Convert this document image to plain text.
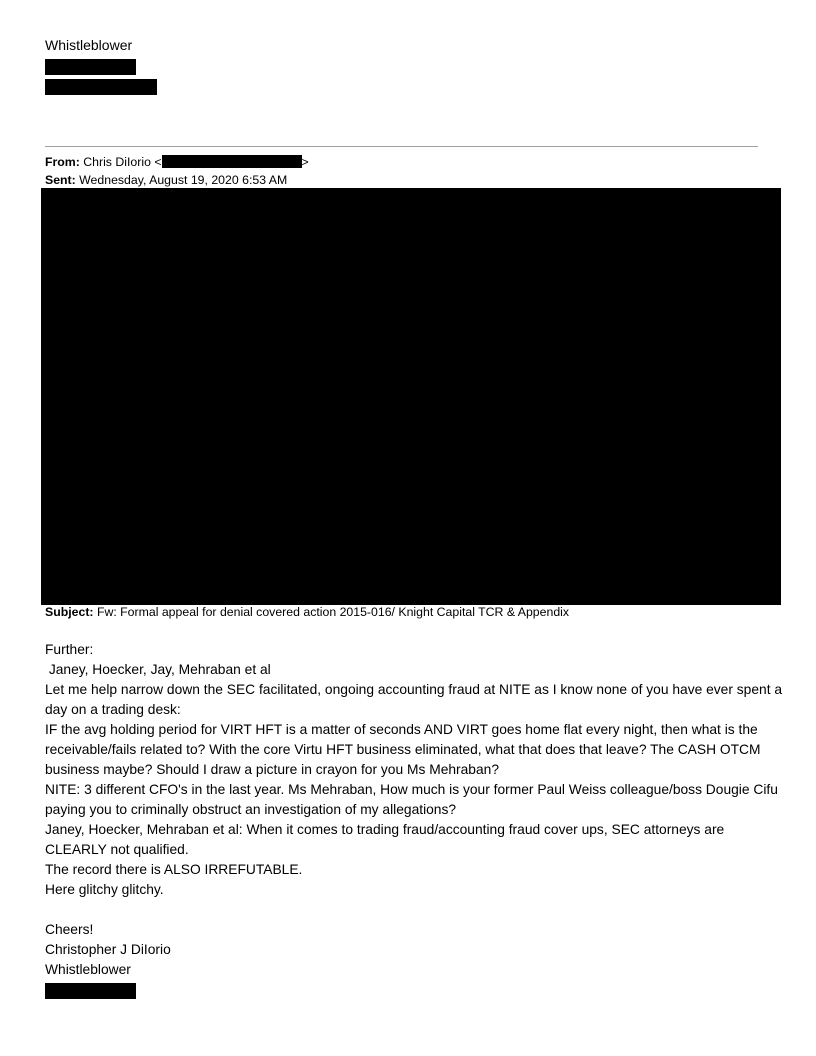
Whistleblower
From: Chris DiIorio <	>
Sent: Wednesday, August 19, 2020 6:53 AM
Subject: Fw: Formal appeal for denial covered action 2015-016/ Knight Capital TCR & Appendix

Further:

Janey, Hoecker, Jay, Mehraban et al

Let me help narrow down the SEC facilitated, ongoing accounting fraud at NITE as I know none of you have ever spent a day on a trading desk:

IF the avg holding period for VIRT HFT is a matter of seconds AND VIRT goes home flat every night, then what is the receivable/fails related to? With the core Virtu HFT business eliminated, what that does that leave? The CASH OTCM business maybe? Should I draw a picture in crayon for you Ms Mehraban?

NITE: 3 different CFO's in the last year. Ms Mehraban, How much is your former Paul Weiss colleague/boss Dougie Cifu paying you to criminally obstruct an investigation of my allegations?

Janey, Hoecker, Mehraban et al: When it comes to trading fraud/accounting fraud cover ups, SEC attorneys are CLEARLY not qualified.

The record there is ALSO IRREFUTABLE.

Here glitchy glitchy.

Cheers!

Christopher J DiIorio

Whistleblower
